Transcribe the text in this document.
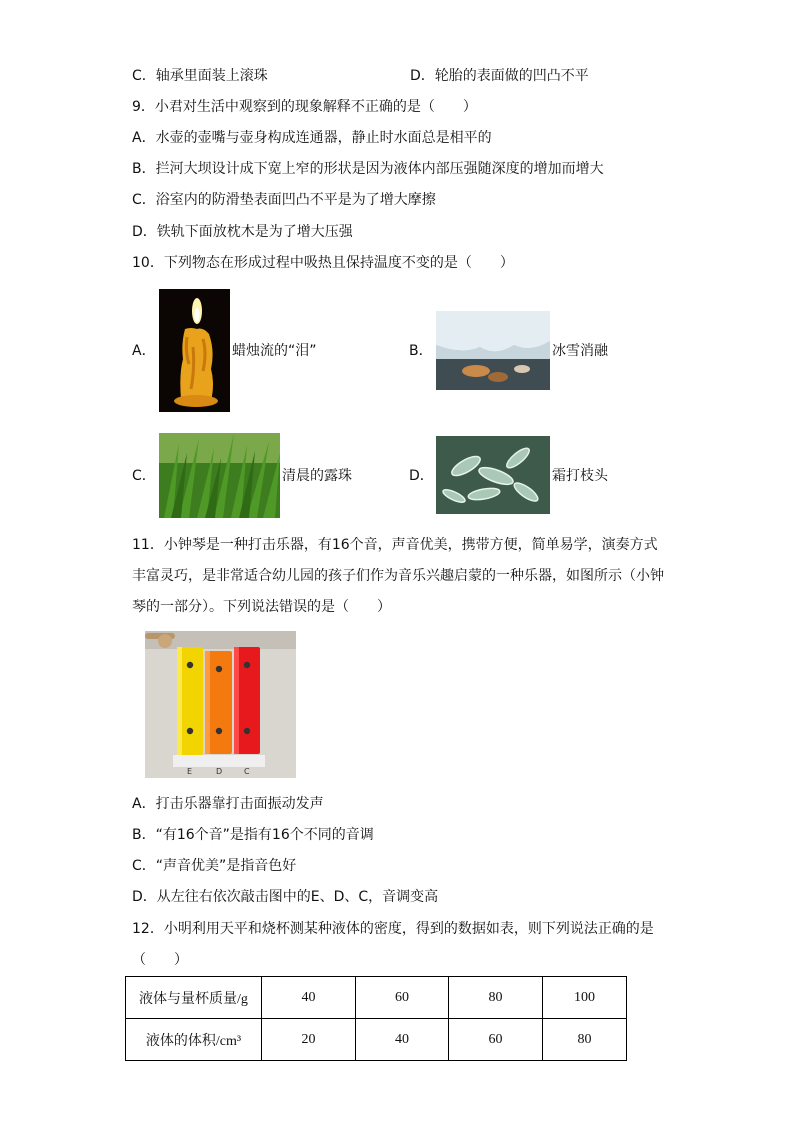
C．轴承里面装上滚珠	D．轮胎的表面做的凹凸不平
9．小君对生活中观察到的现象解释不正确的是（　　）
A．水壶的壶嘴与壶身构成连通器，静止时水面总是相平的
B．拦河大坝设计成下宽上窄的形状是因为液体内部压强随深度的增加而增大
C．浴室内的防滑垫表面凹凸不平是为了增大摩擦
D．铁轨下面放枕木是为了增大压强
10．下列物态在形成过程中吸热且保持温度不变的是（　　）
A．	蜡烛流的“泪”	B．	冰雪消融
C．	清晨的露珠	D．	霜打枝头
11．小钟琴是一种打击乐器，有16个音，声音优美，携带方便，简单易学，演奏方式
丰富灵巧，是非常适合幼儿园的孩子们作为音乐兴趣启蒙的一种乐器，如图所示（小钟
琴的一部分）。下列说法错误的是（　　）
E	D	C
A．打击乐器靠打击面振动发声
B．“有16个音”是指有16个不同的音调
C．“声音优美”是指音色好
D．从左往右依次敲击图中的E、D、C，音调变高
12．小明利用天平和烧杯测某种液体的密度，得到的数据如表，则下列说法正确的是
（　　）
液体与量杯质量/g	40	60	80	100
液体的体积/cm³	20	40	60	80
